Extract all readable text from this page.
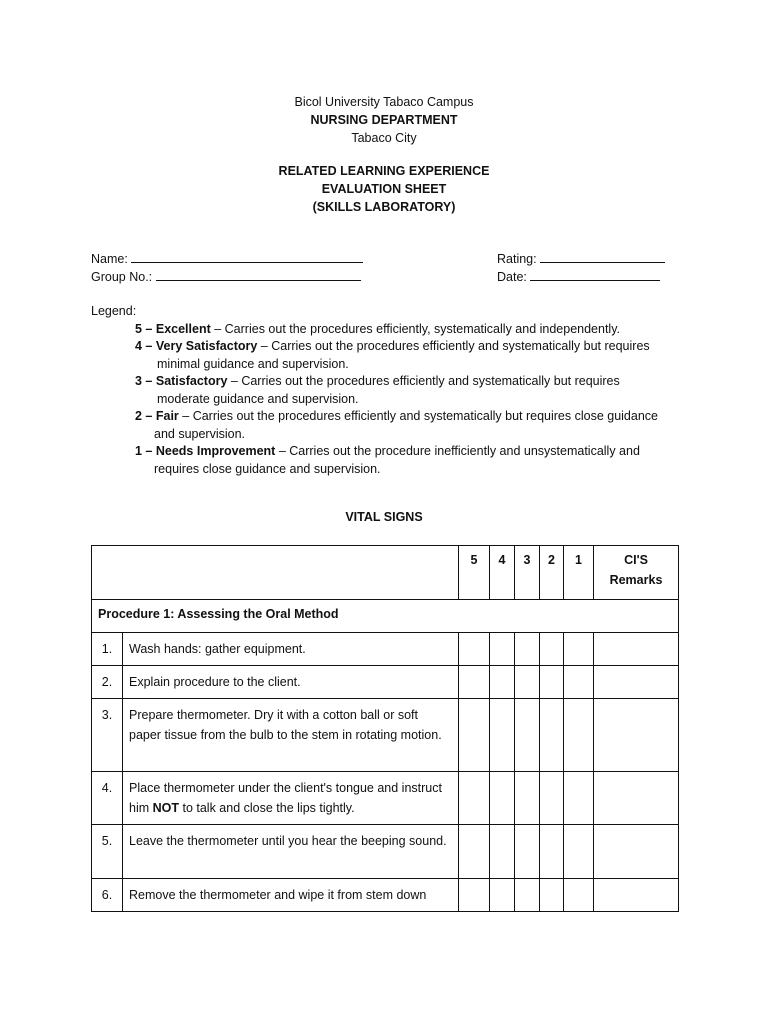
Bicol University Tabaco Campus
NURSING DEPARTMENT
Tabaco City
RELATED LEARNING EXPERIENCE
EVALUATION SHEET
(SKILLS LABORATORY)
Name:	Rating:
Group No.:	Date:
Legend:
5 – Excellent – Carries out the procedures efficiently, systematically and independently.
4 – Very Satisfactory – Carries out the procedures efficiently and systematically but requires
minimal guidance and supervision.
3 – Satisfactory – Carries out the procedures efficiently and systematically but requires
moderate guidance and supervision.
2 – Fair – Carries out the procedures efficiently and systematically but requires close guidance
and supervision.
1 – Needs Improvement – Carries out the procedure inefficiently and unsystematically and
requires close guidance and supervision.
VITAL SIGNS
		5	4	3	2	1	CI'S
Remarks

Procedure 1: Assessing the Oral Method							
1.	Wash hands: gather equipment.						
2.	Explain procedure to the client.						
3.	Prepare thermometer. Dry it with a cotton ball or soft paper tissue from the bulb to the stem in rotating motion.						
4.	Place thermometer under the client's tongue and instruct him NOT to talk and close the lips tightly.						
5.	Leave the thermometer until you hear the beeping sound.						
6.	Remove the thermometer and wipe it from stem down						
